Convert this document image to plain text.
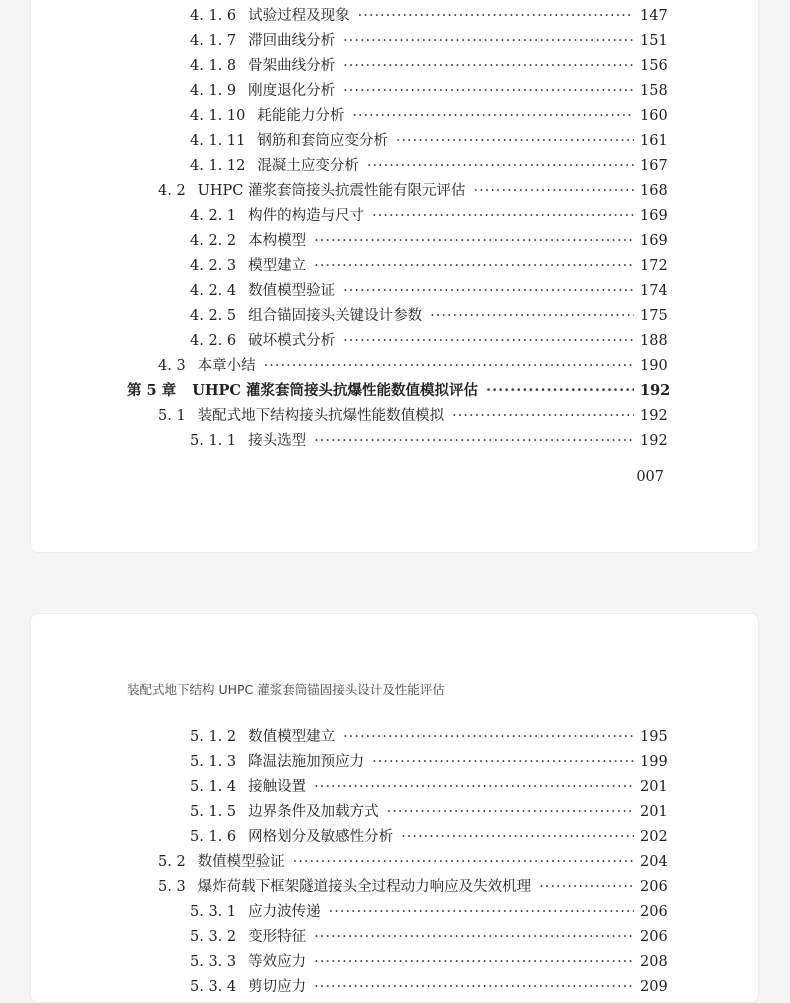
·····
4. 1. 6 试验过程及现象 ·····	147
4. 1. 7 滞回曲线分析 ·····	151
4. 1. 8 骨架曲线分析 ·····	156
4. 1. 9 刚度退化分析 ·····	158
4. 1. 10 耗能能力分析 ·····	160
4. 1. 11 钢筋和套筒应变分析 ·····	161
4. 1. 12 混凝土应变分析 ·····	167
4. 2 UHPC 灌浆套筒接头抗震性能有限元评估 ·····	168
4. 2. 1 构件的构造与尺寸 ·····	169
4. 2. 2 本构模型 ·····	169
4. 2. 3 模型建立 ·····	172
4. 2. 4 数值模型验证 ·····	174
4. 2. 5 组合锚固接头关键设计参数 ·····	175
4. 2. 6 破坏模式分析 ·····	188
4. 3 本章小结 ·····	190
第 5 章 UHPC 灌浆套筒接头抗爆性能数值模拟评估 ·····	192
5. 1 装配式地下结构接头抗爆性能数值模拟 ·····	192
5. 1. 1 接头选型 ·····	192
007
装配式地下结构 UHPC 灌浆套筒锚固接头设计及性能评估
5. 1. 2 数值模型建立 ·····	195
5. 1. 3 降温法施加预应力 ·····	199
5. 1. 4 接触设置 ·····	201
5. 1. 5 边界条件及加载方式 ·····	201
5. 1. 6 网格划分及敏感性分析 ·····	202
5. 2 数值模型验证 ·····	204
5. 3 爆炸荷载下框架隧道接头全过程动力响应及失效机理 ·····	206
5. 3. 1 应力波传递 ·····	206
5. 3. 2 变形特征 ·····	206
5. 3. 3 等效应力 ·····	208
5. 3. 4 剪切应力 ·····	209
